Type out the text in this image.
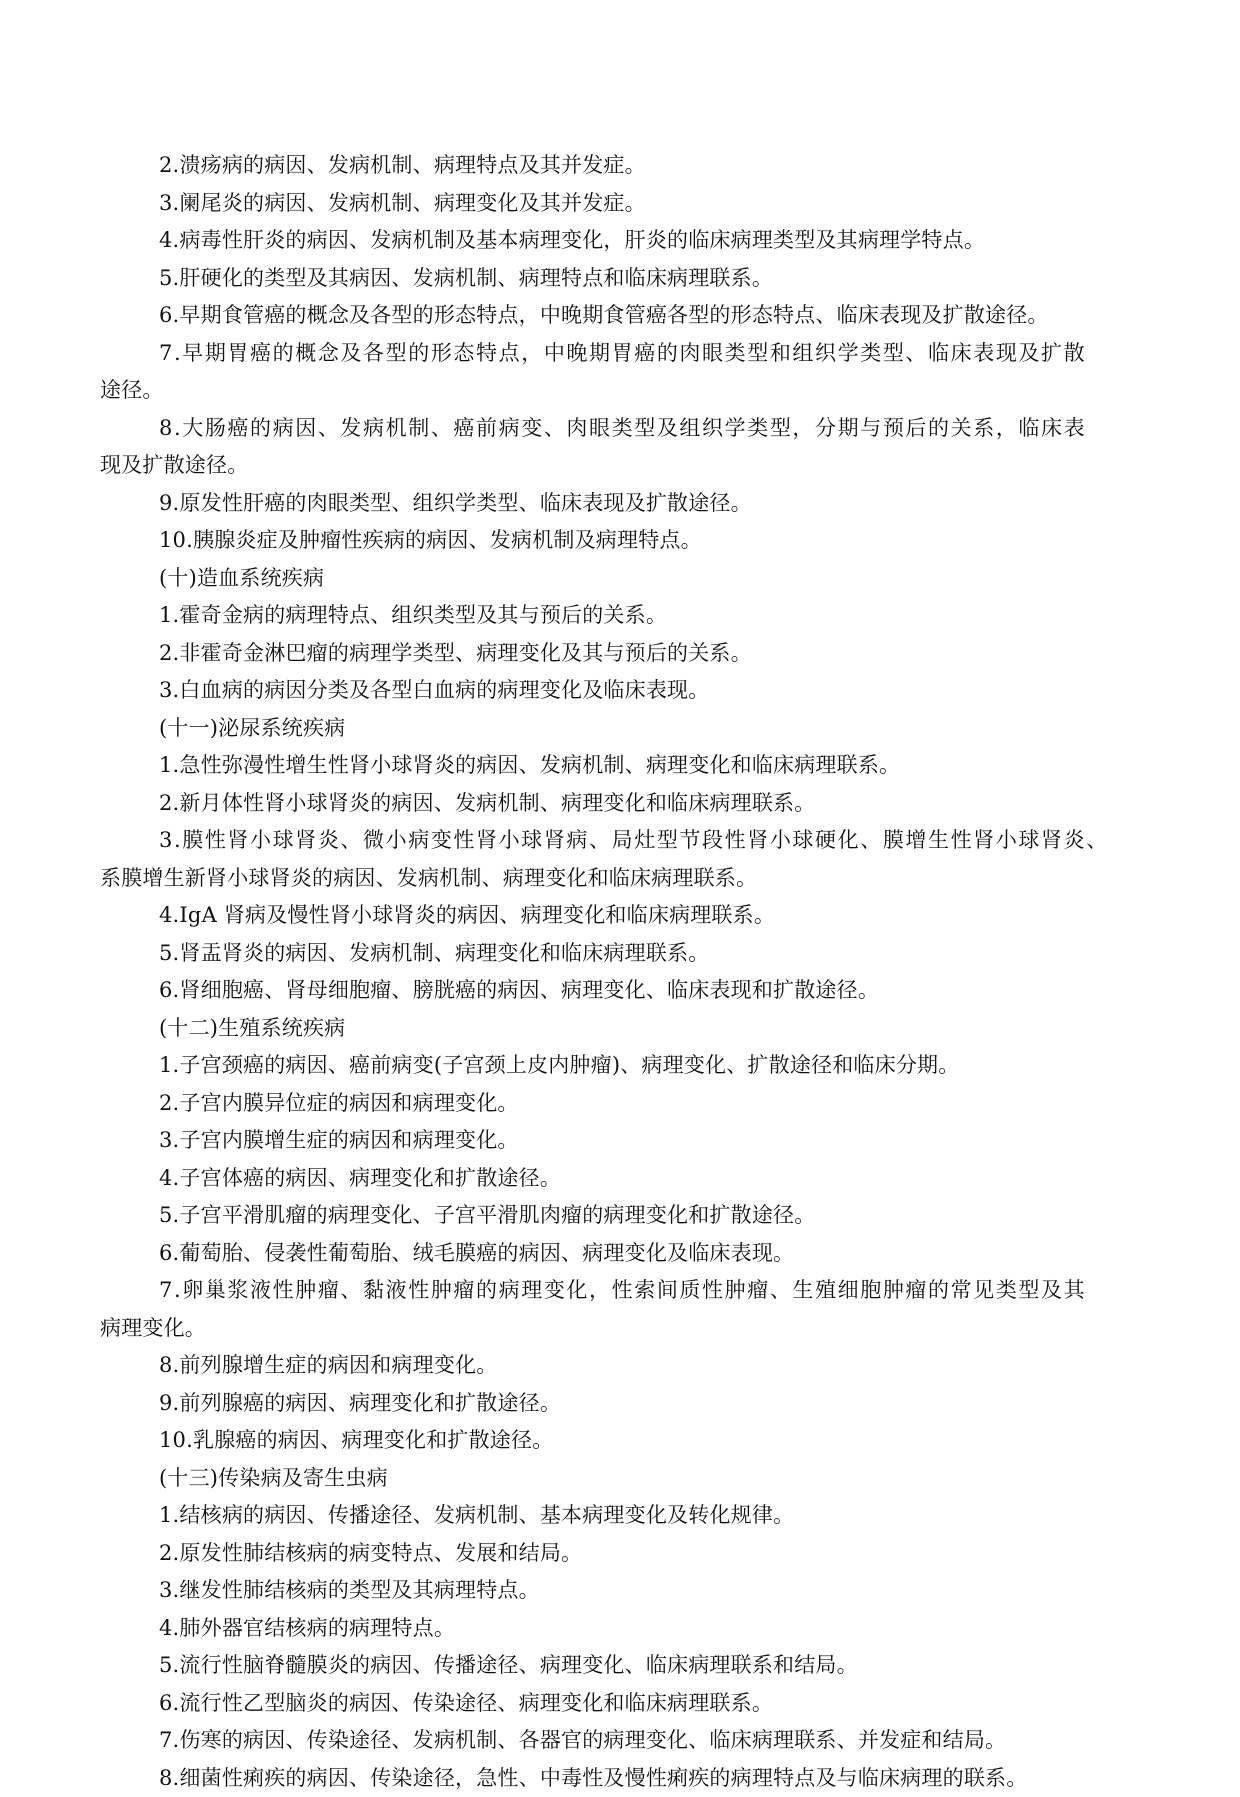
2.溃疡病的病因、发病机制、病理特点及其并发症。

3.阑尾炎的病因、发病机制、病理变化及其并发症。

4.病毒性肝炎的病因、发病机制及基本病理变化，肝炎的临床病理类型及其病理学特点。

5.肝硬化的类型及其病因、发病机制、病理特点和临床病理联系。

6.早期食管癌的概念及各型的形态特点，中晚期食管癌各型的形态特点、临床表现及扩散途径。

7.早期胃癌的概念及各型的形态特点，中晚期胃癌的肉眼类型和组织学类型、临床表现及扩散

途径。

8.大肠癌的病因、发病机制、癌前病变、肉眼类型及组织学类型，分期与预后的关系，临床表

现及扩散途径。

9.原发性肝癌的肉眼类型、组织学类型、临床表现及扩散途径。

10.胰腺炎症及肿瘤性疾病的病因、发病机制及病理特点。

(十)造血系统疾病

1.霍奇金病的病理特点、组织类型及其与预后的关系。

2.非霍奇金淋巴瘤的病理学类型、病理变化及其与预后的关系。

3.白血病的病因分类及各型白血病的病理变化及临床表现。

(十一)泌尿系统疾病

1.急性弥漫性增生性肾小球肾炎的病因、发病机制、病理变化和临床病理联系。

2.新月体性肾小球肾炎的病因、发病机制、病理变化和临床病理联系。

3.膜性肾小球肾炎、微小病变性肾小球肾病、局灶型节段性肾小球硬化、膜增生性肾小球肾炎、

系膜增生新肾小球肾炎的病因、发病机制、病理变化和临床病理联系。

4.IgA 肾病及慢性肾小球肾炎的病因、病理变化和临床病理联系。

5.肾盂肾炎的病因、发病机制、病理变化和临床病理联系。

6.肾细胞癌、肾母细胞瘤、膀胱癌的病因、病理变化、临床表现和扩散途径。

(十二)生殖系统疾病

1.子宫颈癌的病因、癌前病变(子宫颈上皮内肿瘤)、病理变化、扩散途径和临床分期。

2.子宫内膜异位症的病因和病理变化。

3.子宫内膜增生症的病因和病理变化。

4.子宫体癌的病因、病理变化和扩散途径。

5.子宫平滑肌瘤的病理变化、子宫平滑肌肉瘤的病理变化和扩散途径。

6.葡萄胎、侵袭性葡萄胎、绒毛膜癌的病因、病理变化及临床表现。

7.卵巢浆液性肿瘤、黏液性肿瘤的病理变化，性索间质性肿瘤、生殖细胞肿瘤的常见类型及其

病理变化。

8.前列腺增生症的病因和病理变化。

9.前列腺癌的病因、病理变化和扩散途径。

10.乳腺癌的病因、病理变化和扩散途径。

(十三)传染病及寄生虫病

1.结核病的病因、传播途径、发病机制、基本病理变化及转化规律。

2.原发性肺结核病的病变特点、发展和结局。

3.继发性肺结核病的类型及其病理特点。

4.肺外器官结核病的病理特点。

5.流行性脑脊髓膜炎的病因、传播途径、病理变化、临床病理联系和结局。

6.流行性乙型脑炎的病因、传染途径、病理变化和临床病理联系。

7.伤寒的病因、传染途径、发病机制、各器官的病理变化、临床病理联系、并发症和结局。

8.细菌性痢疾的病因、传染途径，急性、中毒性及慢性痢疾的病理特点及与临床病理的联系。
